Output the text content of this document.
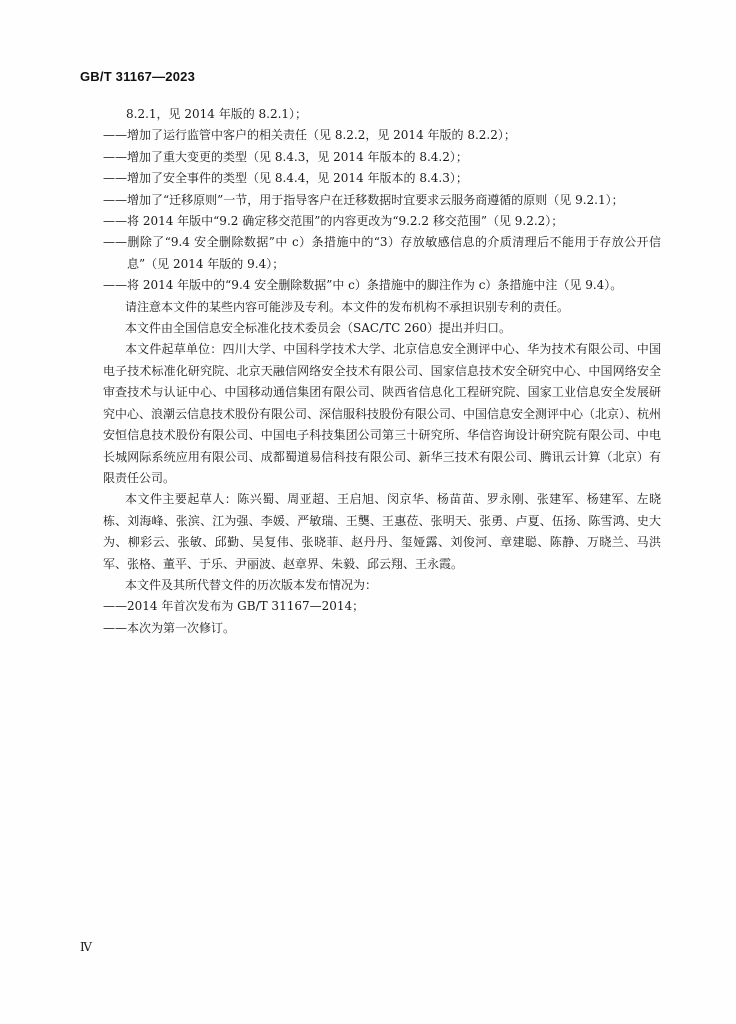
GB/T 31167—2023

8.2.1，见 2014 年版的 8.2.1）；

——增加了运行监管中客户的相关责任（见 8.2.2，见 2014 年版的 8.2.2）；

——增加了重大变更的类型（见 8.4.3，见 2014 年版本的 8.4.2）；

——增加了安全事件的类型（见 8.4.4，见 2014 年版本的 8.4.3）；

——增加了“迁移原则”一节，用于指导客户在迁移数据时宜要求云服务商遵循的原则（见 9.2.1）；

——将 2014 年版中“9.2 确定移交范围”的内容更改为“9.2.2 移交范围”（见 9.2.2）；

——删除了“9.4 安全删除数据”中 c）条措施中的“3）存放敏感信息的介质清理后不能用于存放公开信息”（见 2014 年版的 9.4）；

——将 2014 年版中的“9.4 安全删除数据”中 c）条措施中的脚注作为 c）条措施中注（见 9.4）。

请注意本文件的某些内容可能涉及专利。本文件的发布机构不承担识别专利的责任。

本文件由全国信息安全标准化技术委员会（SAC/TC 260）提出并归口。

本文件起草单位：四川大学、中国科学技术大学、北京信息安全测评中心、华为技术有限公司、中国电子技术标准化研究院、北京天融信网络安全技术有限公司、国家信息技术安全研究中心、中国网络安全审查技术与认证中心、中国移动通信集团有限公司、陕西省信息化工程研究院、国家工业信息安全发展研究中心、浪潮云信息技术股份有限公司、深信服科技股份有限公司、中国信息安全测评中心（北京）、杭州安恒信息技术股份有限公司、中国电子科技集团公司第三十研究所、华信咨询设计研究院有限公司、中电长城网际系统应用有限公司、成都蜀道易信科技有限公司、新华三技术有限公司、腾讯云计算（北京）有限责任公司。

本文件主要起草人：陈兴蜀、周亚超、王启旭、闵京华、杨苗苗、罗永刚、张建军、杨建军、左晓栋、刘海峰、张滨、江为强、李媛、严敏瑞、王龑、王惠莅、张明天、张勇、卢夏、伍扬、陈雪鸿、史大为、柳彩云、张敏、邱勤、吴复伟、张晓菲、赵丹丹、玺娅露、刘俊河、章建聪、陈静、万晓兰、马洪军、张格、董平、于乐、尹丽波、赵章界、朱毅、邱云翔、王永霞。

本文件及其所代替文件的历次版本发布情况为：

——2014 年首次发布为 GB/T 31167—2014；

——本次为第一次修订。

Ⅳ
